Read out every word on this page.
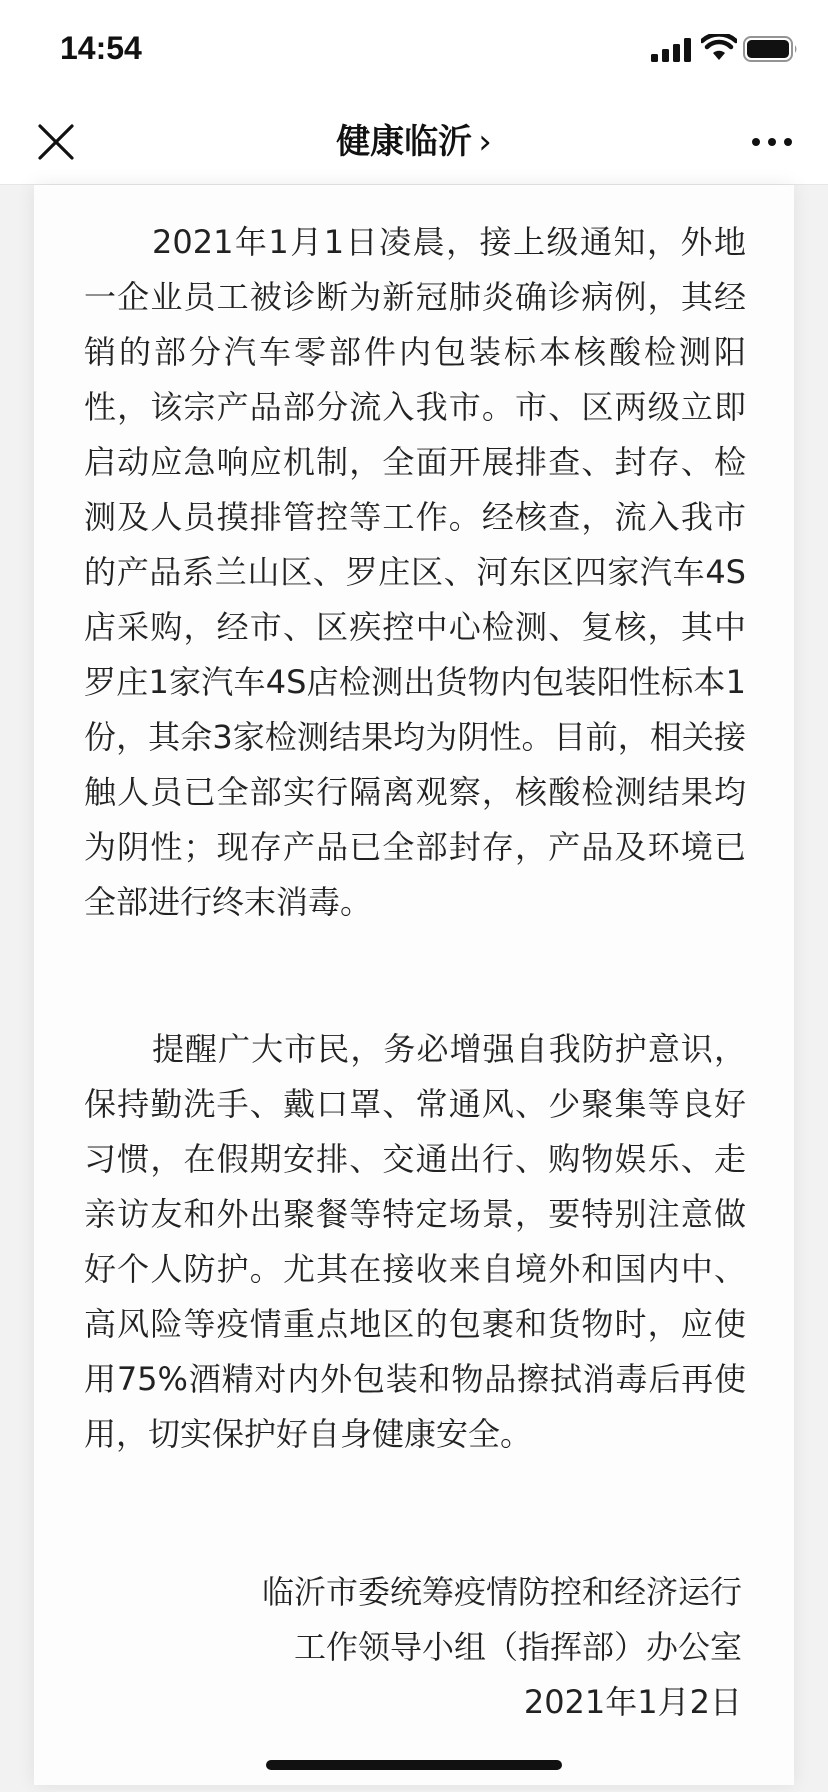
14:54
健康临沂 ›

2021年1月1日凌晨，接上级通知，外地一企业员工被诊断为新冠肺炎确诊病例，其经销的部分汽车零部件内包装标本核酸检测阳性，该宗产品部分流入我市。市、区两级立即启动应急响应机制，全面开展排查、封存、检测及人员摸排管控等工作。经核查，流入我市的产品系兰山区、罗庄区、河东区四家汽车4S店采购，经市、区疾控中心检测、复核，其中罗庄1家汽车4S店检测出货物内包装阳性标本1份，其余3家检测结果均为阴性。目前，相关接触人员已全部实行隔离观察，核酸检测结果均为阴性；现存产品已全部封存，产品及环境已全部进行终末消毒。

提醒广大市民，务必增强自我防护意识，保持勤洗手、戴口罩、常通风、少聚集等良好习惯，在假期安排、交通出行、购物娱乐、走亲访友和外出聚餐等特定场景，要特别注意做好个人防护。尤其在接收来自境外和国内中、高风险等疫情重点地区的包裹和货物时，应使用75%酒精对内外包装和物品擦拭消毒后再使用，切实保护好自身健康安全。

临沂市委统筹疫情防控和经济运行
工作领导小组（指挥部）办公室
2021年1月2日
